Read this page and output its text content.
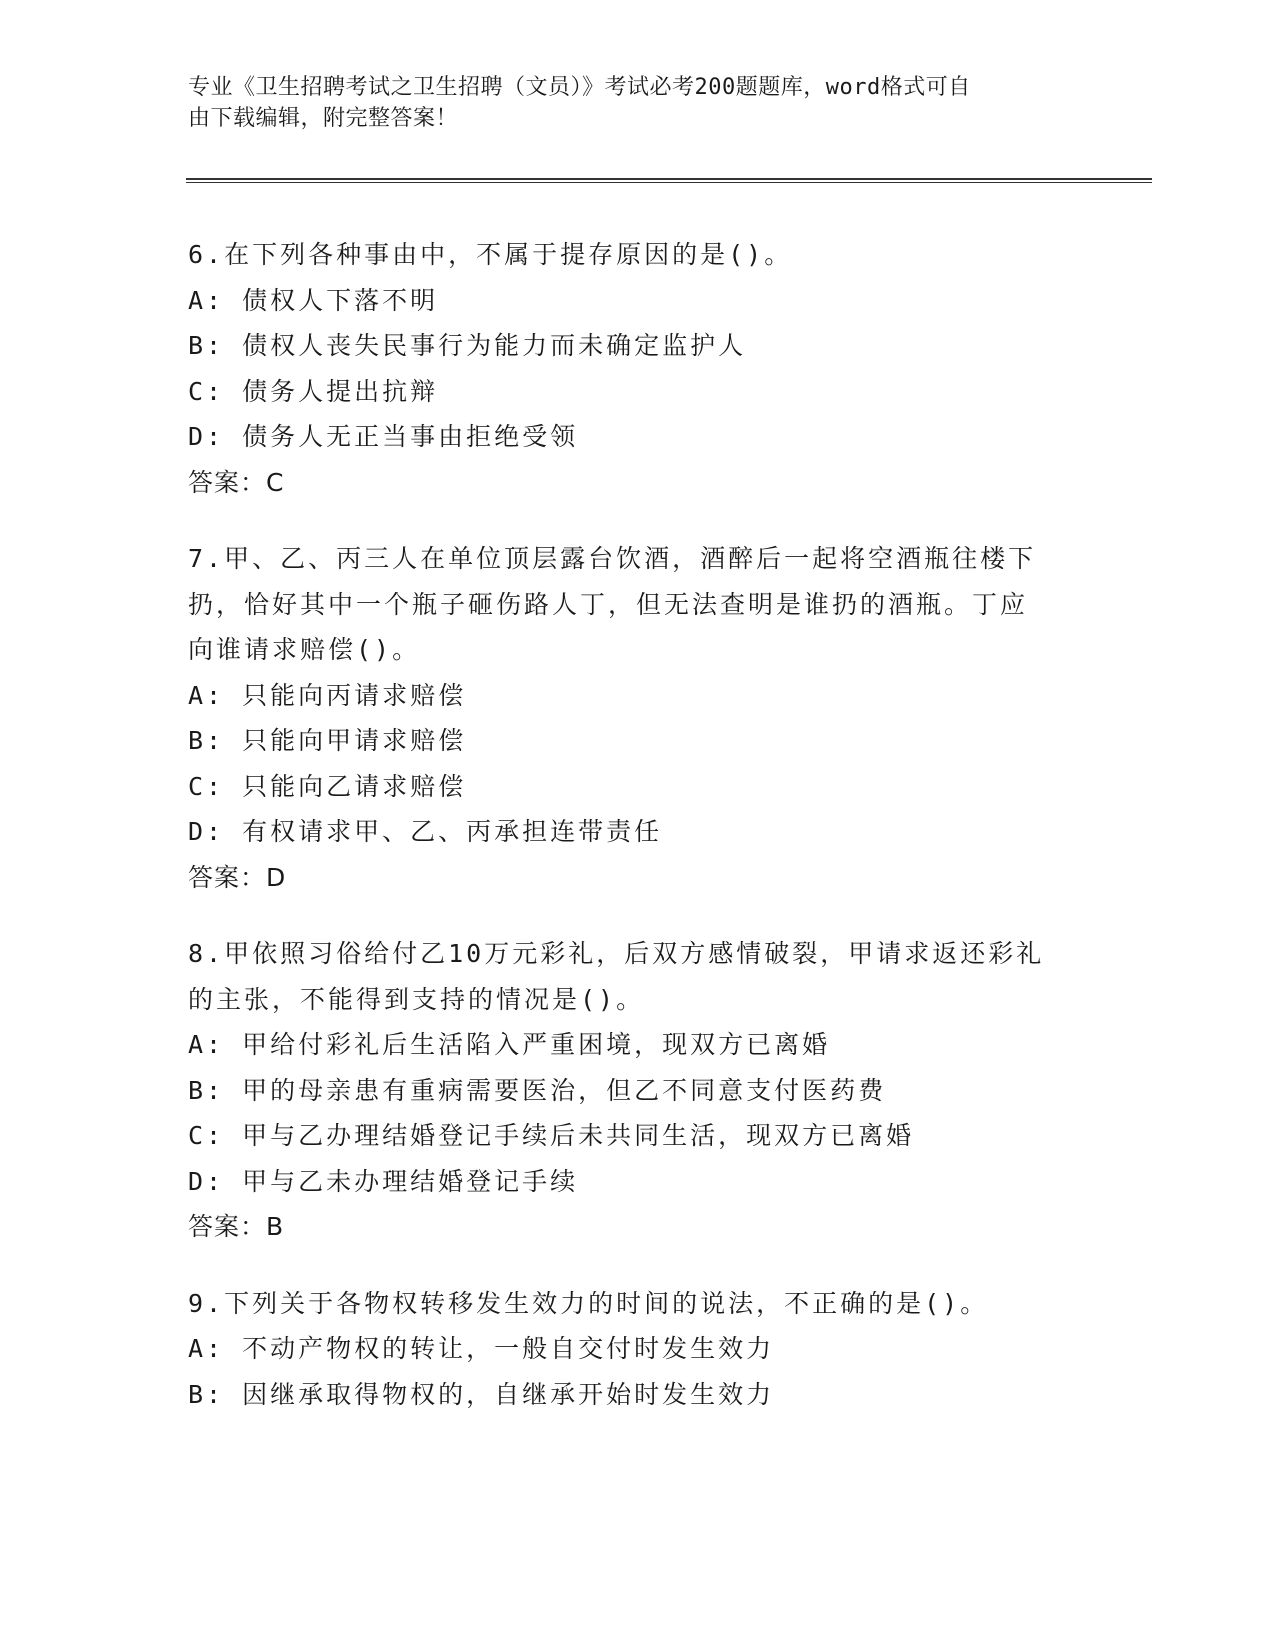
专业《卫生招聘考试之卫生招聘（文员）》考试必考200题题库，word格式可自
由下载编辑，附完整答案！
6.在下列各种事由中，不属于提存原因的是()。
A: 债权人下落不明
B: 债权人丧失民事行为能力而未确定监护人
C: 债务人提出抗辩
D: 债务人无正当事由拒绝受领
答案：C
7.甲、乙、丙三人在单位顶层露台饮酒，酒醉后一起将空酒瓶往楼下
扔，恰好其中一个瓶子砸伤路人丁，但无法查明是谁扔的酒瓶。丁应
向谁请求赔偿()。
A: 只能向丙请求赔偿
B: 只能向甲请求赔偿
C: 只能向乙请求赔偿
D: 有权请求甲、乙、丙承担连带责任
答案：D
8.甲依照习俗给付乙10万元彩礼，后双方感情破裂，甲请求返还彩礼
的主张，不能得到支持的情况是()。
A: 甲给付彩礼后生活陷入严重困境，现双方已离婚
B: 甲的母亲患有重病需要医治，但乙不同意支付医药费
C: 甲与乙办理结婚登记手续后未共同生活，现双方已离婚
D: 甲与乙未办理结婚登记手续
答案：B
9.下列关于各物权转移发生效力的时间的说法，不正确的是()。
A: 不动产物权的转让，一般自交付时发生效力
B: 因继承取得物权的，自继承开始时发生效力
